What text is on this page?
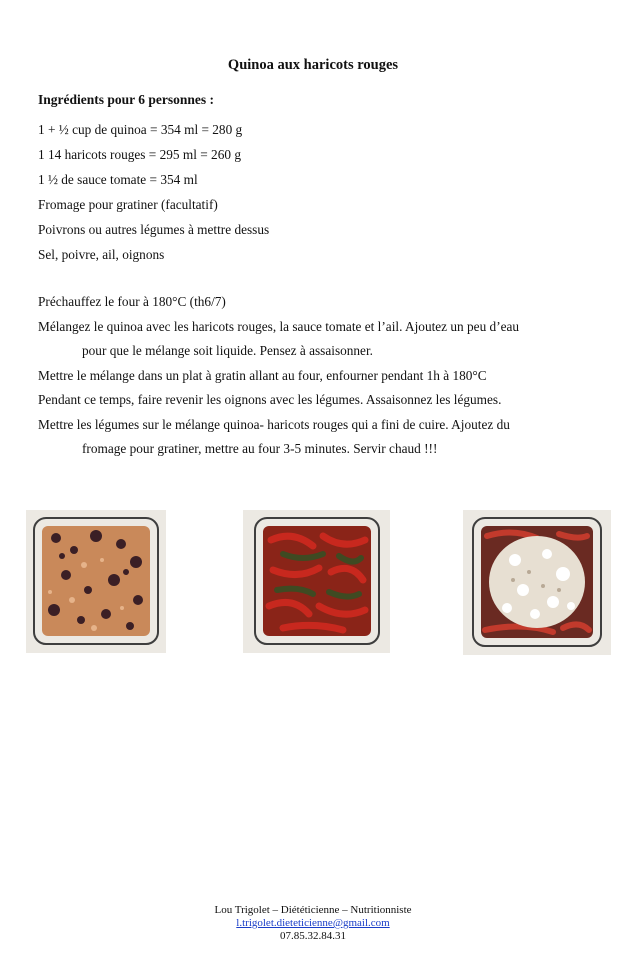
Quinoa aux haricots rouges
Ingrédients pour 6 personnes :
1 + ½ cup de quinoa = 354 ml = 280 g
1 14 haricots rouges = 295 ml = 260 g
1 ½ de sauce tomate = 354 ml
Fromage pour gratiner (facultatif)
Poivrons ou autres légumes à mettre dessus
Sel, poivre, ail, oignons
Préchauffez le four à 180°C (th6/7)
Mélangez le quinoa avec les haricots rouges, la sauce tomate et l’ail. Ajoutez un peu d’eau
pour que le mélange soit liquide. Pensez à assaisonner.
Mettre le mélange dans un plat à gratin allant au four, enfourner pendant 1h à 180°C
Pendant ce temps, faire revenir les oignons avec les légumes. Assaisonnez les légumes.
Mettre les légumes sur le mélange quinoa- haricots rouges qui a fini de cuire. Ajoutez du
fromage pour gratiner, mettre au four 3-5 minutes. Servir chaud !!!
Lou Trigolet – Diététicienne – Nutritionniste
l.trigolet.dieteticienne@gmail.com
07.85.32.84.31
